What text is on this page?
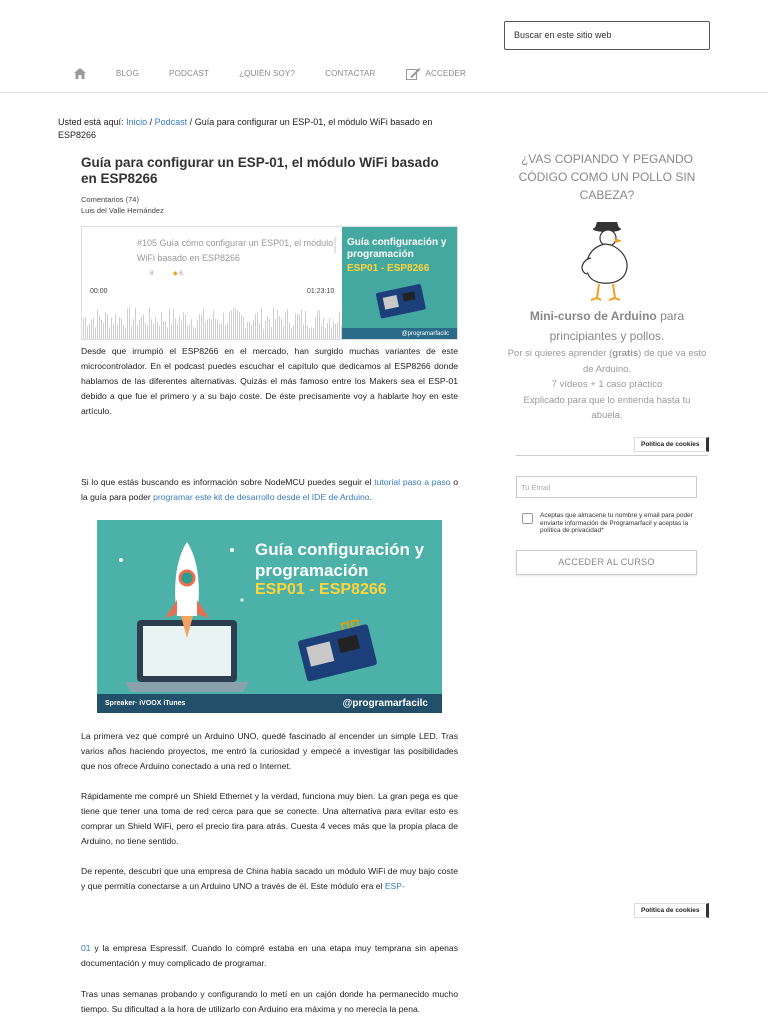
Buscar en este sitio web
BLOG	PODCAST	¿QUIÉN SOY?	CONTACTAR	ACCEDER
Usted está aquí: Inicio / Podcast / Guía para configurar un ESP-01, el módulo WiFi basado en ESP8266
Guía para configurar un ESP-01, el módulo WiFi basado en ESP8266
Comentarios (74)
Luis del Valle Hernández
#105 Guía cómo configurar un ESP01, el módulo WiFi basado en ESP8266
8	◆ 6
Spreaker
00:00	01:23:10
Guía configuración y programación
ESP01 - ESP8266
@programarfacilc
Desde que irrumpió el ESP8266 en el mercado, han surgido muchas variantes de este microcontrolador. En el podcast puedes escuchar el capítulo que dedicamos al ESP8266 donde hablamos de las diferentes alternativas. Quizás el más famoso entre los Makers sea el ESP-01 debido a que fue el primero y a su bajo coste. De éste precisamente voy a hablarte hoy en este artículo.
Si lo que estás buscando es información sobre NodeMCU puedes seguir el tutorial paso a paso o la guía para poder programar este kit de desarrollo desde el IDE de Arduino.
Guía configuración y programación
ESP01 - ESP8266
Spreaker· iVOOX iTunes	@programarfacilc
La primera vez que compré un Arduino UNO, quedé fascinado al encender un simple LED. Tras varios años haciendo proyectos, me entró la curiosidad y empecé a investigar las posibilidades que nos ofrece Arduino conectado a una red o Internet.
Rápidamente me compré un Shield Ethernet y la verdad, funciona muy bien. La gran pega es que tiene que tener una toma de red cerca para que se conecte. Una alternativa para evitar esto es comprar un Shield WiFi, pero el precio tira para atrás. Cuesta 4 veces más que la propia placa de Arduino, no tiene sentido.
De repente, descubrí que una empresa de China había sacado un módulo WiFi de muy bajo coste y que permitía conectarse a un Arduino UNO a través de él. Este módulo era el ESP-
01 y la empresa Espressif. Cuando lo compré estaba en una etapa muy temprana sin apenas documentación y muy complicado de programar.
Tras unas semanas probando y configurando lo metí en un cajón donde ha permanecido mucho tiempo. Su dificultad a la hora de utilizarlo con Arduino era máxima y no merecía la pena.
¿VAS COPIANDO Y PEGANDO CÓDIGO COMO UN POLLO SIN CABEZA?
Mini-curso de Arduino para principiantes y pollos.
Por si quieres aprender (gratis) de qué va esto de Arduino.
7 vídeos + 1 caso práctico
Explicado para que lo entienda hasta tu abuela.
Política de cookies
Tu Email
Aceptas que almacene tu nombre y email para poder enviarte información de Programarfacil y aceptas la política de privacidad*
ACCEDER AL CURSO
Política de cookies
